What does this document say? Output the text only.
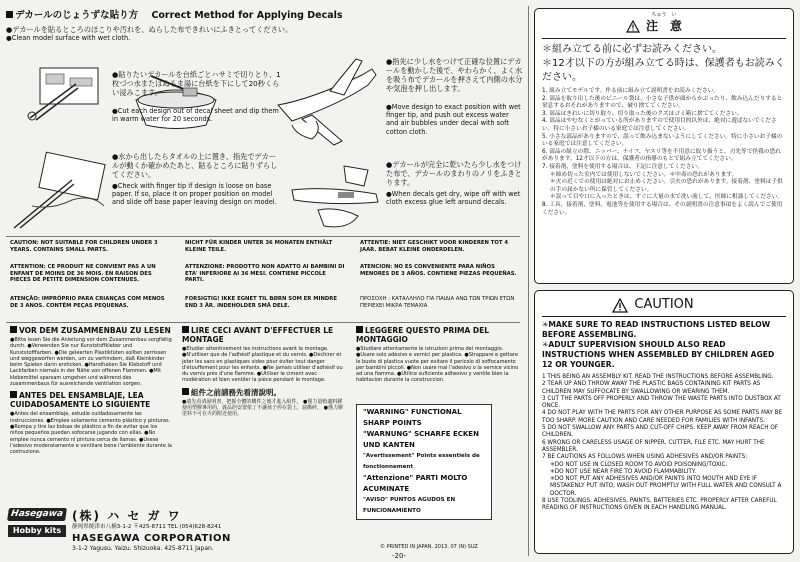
デカールのじょうずな貼り方 Correct Method for Applying Decals
●デカールを貼るところのほこりや汚れを、ぬらした布できれいにふきとってください。
●Clean model surface with wet cloth.
●貼りたいデカールを台紙ごとハサミで切りとり、1枚づつ水またはぬるま湯に台紙を下にして20秒くらい浸みこます。
●Cut each design out of decal sheet and dip them in warm water for 20 seconds.
●水から出したらタオルの上に置き、指先でデカールが動くか確かめたあと、貼るところに貼りずらしてください。
●Check with finger tip if design is loose on base paper. If so, place it on proper position on model and slide off base paper leaving design on model.
●指先に少し水をつけて正確な位置にデカールを動かした後で、やわらかく、よく水を吸う布でデカールを押さえて内側の水分や気泡を押し出します。
●Move design to exact position with wet finger tip, and push out excess water and air bubbles under decal with soft cotton cloth.
●デカールが完全に乾いたら少し水をつけた布で、デカールのまわりのノリをふきとります。
●When decals get dry, wipe off with wet cloth excess glue left around decals.
CAUTION: NOT SUITABLE FOR CHILDREN UNDER 3 YEARS. CONTAINS SMALL PARTS.
NICHT FÜR KINDER UNTER 36 MONATEN ENTHÄLT KLEINE TEILE.
ATTENTIE: NIET GESCHIKT VOOR KINDEREN TOT 4 JAAR. BEBAT KLEINE ONDERDELEN.
ATTENTION: CE PRODUIT NE CONVIENT PAS A UN ENFANT DE MOINS DE 36 MOIS. EN RAISON DES PIECES DE PETITE DIMENSION CONTENUES.
ATTENZIONE: PRODOTTO NON ADATTO AI BAMBINI DI ETA' INFERIORE AI 36 MESI. CONTIENE PICCOLE PARTI.
ATENCION: NO ES CONVENIENTE PARA NIÑOS MENORES DE 3 AÑOS. CONTIENE PIEZAS PEQUEÑAS.
ATENÇÃO: IMPRÓPRIO PARA CRIANÇAS COM MENOS DE 3 ANOS. CONTÉM PEÇAS PEQUENAS.
FORSIGTIG! IKKE EGNET TIL BØRN SOM ER MINDRE END 3 ÅR. INDEHOLDER SMÅ DELE.
ΠΡΟΣΟΧΗ : ΚΑΤΑΛΛΗΛΟ ΓΙΑ ΠΑΙΔΙΑ ΑΝΩ ΤΩΝ ΤΡΙΩΝ ΕΤΩΝ ΠΕΡΙΕΧΕΙ ΜΙΚΡΑ ΤΕΜΑΧΙΑ
VOR DEM ZUSAMMENBAU ZU LESEN
●Bitte lesen Sie die Anleitung vor dem Zusammenbau sorgfältig durch. ●Verwenden Sie nur Kunststoffkleber und Kunststofffarben. ●Die geleerten Plastiktüten sollten zerrissen und weggeworfen werden, um zu verhindern, daß Kleinkinder beim Spielen darin ersticken. ●Handhaben Sie Klebstoff und Lackfarben niemals in der Nähe von offenen Flammen. ●Mit klebemittel sparsam umgehen und während des zusammenbaus für ausreichende ventilation sorgen.
ANTES DEL ENSAMBLAJE, LEA CUIDADOSAMENTE LO SIGUIENTE
●Antes del ensamblaje, estudie cuidadosamente las instrucciones. ●Emplee solamente cemento plástico y pinturas. ●Rompa y tire las bolsas de plástico a fin de evitar que los niños pequeños puedan sofocarse jugando con ellas. ●No emplee nunca cemento ni pintura cerca de llamas. ●Usese l'adesivo moderatamente e ventilare bene l'ambiente durante la costruzione.
LIRE CECI AVANT D'EFFECTUER LE MONTAGE
●Etudier attentivement les instructions avant le montage. ●N'utiliser que de l'adhésif plastique et du vernis. ●Déchirer et jeter les sacs en plastiques vides pour éviter tout danger d'étouffement pour les enfants. ●Ne jamais utiliser d'adhésif ou du vernis près d'une flamme. ●Utiliser le ciment avec modération et bien ventiler la pièce pendant le montage.
組件之前請務先看清說明。
●請先看清說明書，把握全體的構件之後才進入組件。 ●僅力量較適料膠使用塑膠專用的，義品的安置依了不讓孩子停在袋上，請撕碎。 ●僅力膠塗料不可在火的附近使用。
LEGGERE QUESTO PRIMA DEL MONTAGGIO
●Studiare attentamente le istruzioni prima del montaggio. ●Usare solo adesivo e vernici per plastica. ●Strappare e gettare le buste di plastica vuote per evitare il pericolo di soffocamento per bambini piccoli. ●Non usare mai l'adesivo o la vernice vicino ad una fiamma. ●Utilice suficiente adhesivo y ventile bien la habitacion durante la construccion.
"WARNING" FUNCTIONAL SHARP POINTS
"WARNUNG" SCHARFE ECKEN UND KANTEN
"Avertissement" Points essentiels de fonctionnement
"Attenzione" PARTI MOLTO ACUMINATE
"AVISO" PUNTOS AGUDOS EN FUNCIONAMIENTO
Hasegawa
Hobby kits
(株) ハ セ ガ ワ
静岡県焼津市八楠3-1-2 〒425-8711 TEL (054)628-8241
HASEGAWA CORPORATION
3-1-2 Yagusu. Yaizu. Shizuoka. 425-8711 Japan.	© PRINTED IN JAPAN. 2013. 07 (N) SUZ
-20-
ちゅう　い
注　意
＊組み立てる前に必ずお読みください。
＊12才以下の方が組み立てる時は、保護者もお読みください。
1. 組み立てモデルです。作る前に組み立て説明書をお読みください。
2. 部品を取り出した後のビニール袋は、小さな子供が頭からかぶったり、飲み込んだりすると窒息するおそれがありますので、破り捨ててください。
3. 部品はきれいに切り取り、切り取った後のクズはゴミ箱に捨ててください。
4. 部品はやむなくとがっている所がありますので使用目的以外は、絶対に遊ばないでください。特に小さいお子様のいる家庭では注意してください。
5. 小さな部品がありますので、誤って飲み込まないようにしてください。特に小さいお子様のいる家庭では注意してください。
6. 部品の組立の際、ニッパー、ナイフ、ヤスリ等を不用意に取り扱うと、刃先等で怪我の恐れがあります。12才以下の方は、保護者の指導のもとで組み立ててください。
7. 接着剤、塗料を使用する場合は、下記に注意してください。
＊締め切った室内では使用しないでください。＊中毒の恐れがあります。
＊火の近くでの使用は絶対にお止めください。引火の恐れがあります。接着剤、塗料は子供の手の届かない所に保管してください。
＊誤って目や口に入ったときは、すぐに大量の水で洗い流して、医師に相談してください。
8. 工具、接着剤、塗料、電池等を使用する場合は、その説明書の注意事項をよく読んでご使用ください。
CAUTION
✳MAKE SURE TO READ INSTRUCTIONS LISTED BELOW BEFORE ASSEMBLING.
✳ADULT SUPERVISION SHOULD ALSO READ INSTRUCTIONS WHEN ASSEMBLED BY CHILDREN AGED 12 OR YOUNGER.
1 THIS BEING AN ASSEMBLY KIT. READ THE INSTRUCTIONS BEFORE ASSEMBLING.
2 TEAR UP AND THROW AWAY THE PLASTIC BAGS CONTAINING KIT PARTS AS CHILDREN MAY SUFFOCATE BY SWALLOWING OR WEARING THEM.
3 CUT THE PARTS OFF PROPERLY AND THROW THE WASTE PARTS INTO DUSTBOX AT ONCE.
4 DO NOT PLAY WITH THE PARTS FOR ANY OTHER PURPOSE AS SOME PARTS MAY BE TOO SHARP. MORE CAUTION AND CARE NEEDED FOR FAMILIES WITH INFANTS.
5 DO NOT SWALLOW ANY PARTS AND CUT-OFF CHIPS. KEEP AWAY FROM REACH OF CHILDREN.
6 WRONG OR CARELESS USAGE OF NIPPER, CUTTER, FILE ETC. MAY HURT THE ASSEMBLER.
7 BE CAUTIONS AS FOLLOWS WHEN USING ADHESIVES AND/OR PAINTS:
✳DO NOT USE IN CLOSED ROOM TO AVOID POISONING/TOXIC.
✳DO NOT USE NEAR FIRE TO AVOID FLAMMABILITY.
✳DO NOT PUT ANY ADHESIVES AND/OR PAINTS INTO MOUTH AND EYE IF MISTAKENLY PUT INTO, WASH OUT PROMPTLY WITH FULL WATER AND CONSULT A DOCTOR.
8 USE TOOLINGS, ADHESIVES, PAINTS, BATTERIES ETC. PROPERLY AFTER CAREFUL READING OF INSTRUCTIONS GIVEN IN EACH HANDLING MANUAL.
